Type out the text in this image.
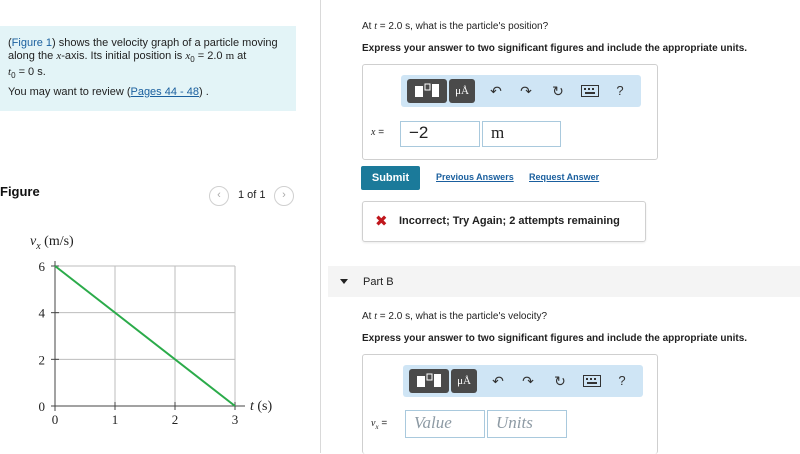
(Figure 1) shows the velocity graph of a particle moving along the x-axis. Its initial position is $x_0 = 2.0$ m at
$t_0 = 0$ s.
You may want to review (Pages 44 - 48) .
Figure	‹	1 of 1	›
$v_x$ (m/s)
t (s)
0	1	2	3
0
2
4
6
At t = 2.0 s, what is the particle's position?
Express your answer to two significant figures and include the appropriate units.
μÅ	↶	↷	↻	?
x =	−2	m
Submit	Previous Answers Request Answer
✖ Incorrect; Try Again; 2 attempts remaining
Part B
At t = 2.0 s, what is the particle's velocity?
Express your answer to two significant figures and include the appropriate units.
μÅ	↶	↷	↻	?
$v_x$ =	Value	Units
